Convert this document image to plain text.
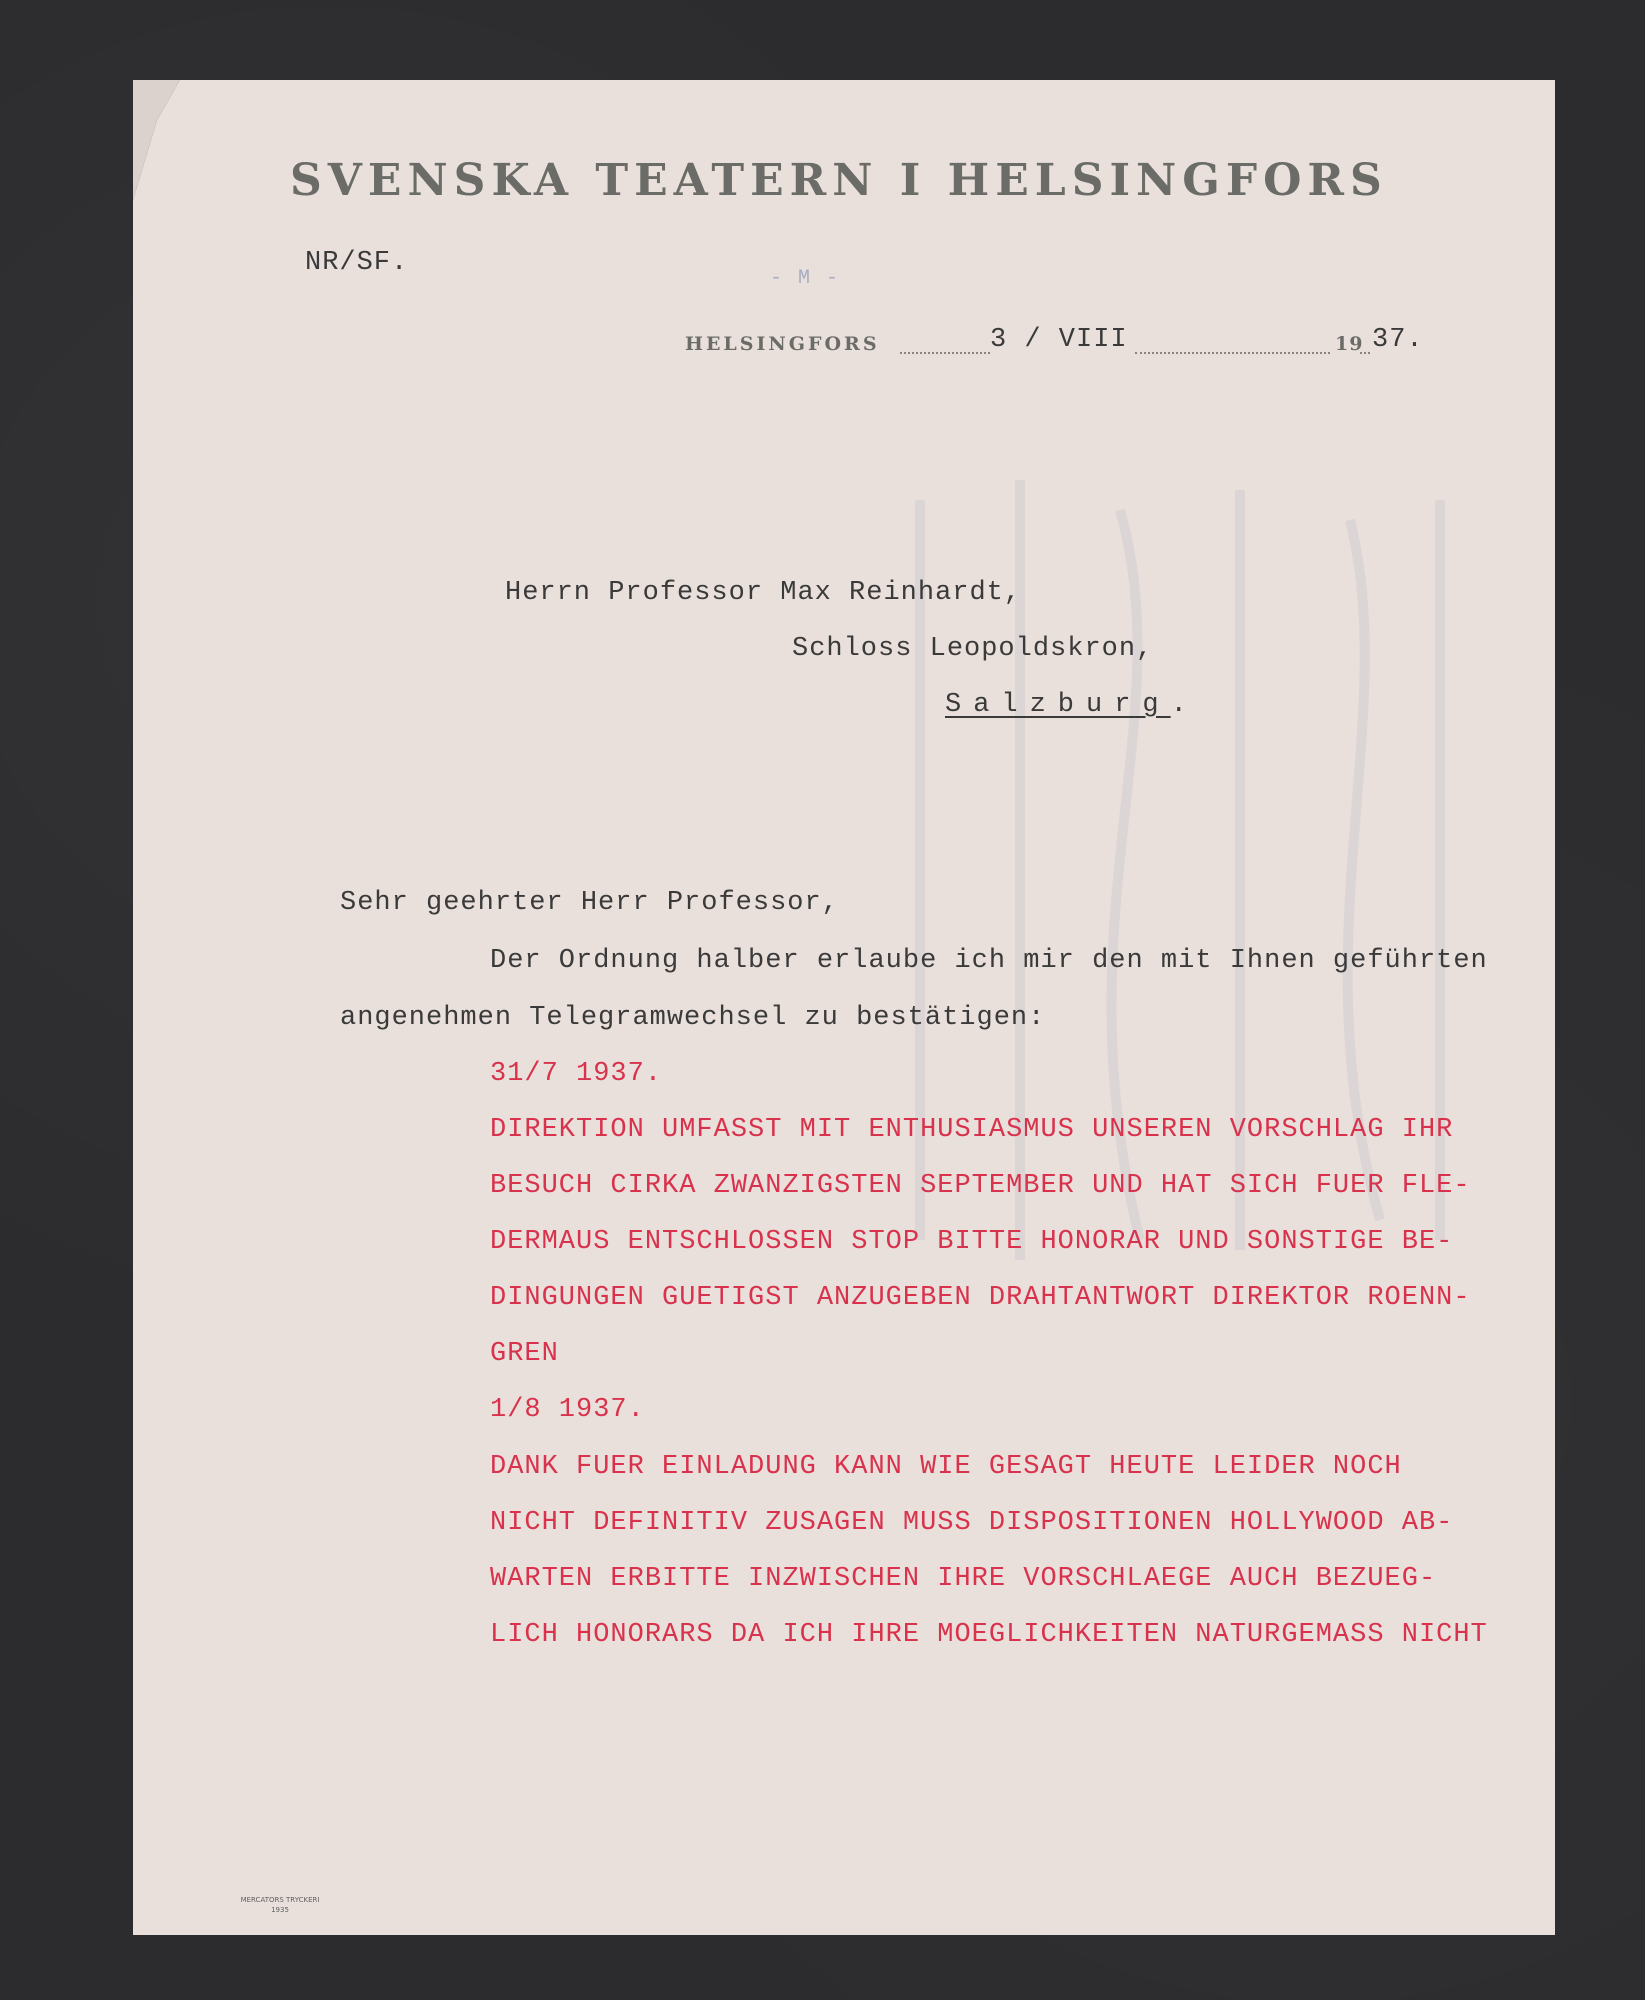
SVENSKA TEATERN I HELSINGFORS
NR/SF.
- M -
HELSINGFORS	3 / VIII	19 37.
Herrn Professor Max Reinhardt,
Schloss Leopoldskron,
Salzburg.
Sehr geehrter Herr Professor,
Der Ordnung halber erlaube ich mir den mit Ihnen geführten
angenehmen Telegramwechsel zu bestätigen:
31/7 1937.
DIREKTION UMFASST MIT ENTHUSIASMUS UNSEREN VORSCHLAG IHR
BESUCH CIRKA ZWANZIGSTEN SEPTEMBER UND HAT SICH FUER FLE-
DERMAUS ENTSCHLOSSEN STOP BITTE HONORAR UND SONSTIGE BE-
DINGUNGEN GUETIGST ANZUGEBEN DRAHTANTWORT DIREKTOR ROENN-
GREN
1/8 1937.
DANK FUER EINLADUNG KANN WIE GESAGT HEUTE LEIDER NOCH
NICHT DEFINITIV ZUSAGEN MUSS DISPOSITIONEN HOLLYWOOD AB-
WARTEN ERBITTE INZWISCHEN IHRE VORSCHLAEGE AUCH BEZUEG-
LICH HONORARS DA ICH IHRE MOEGLICHKEITEN NATURGEMASS NICHT
MERCATORS TRYCKERI
1935
